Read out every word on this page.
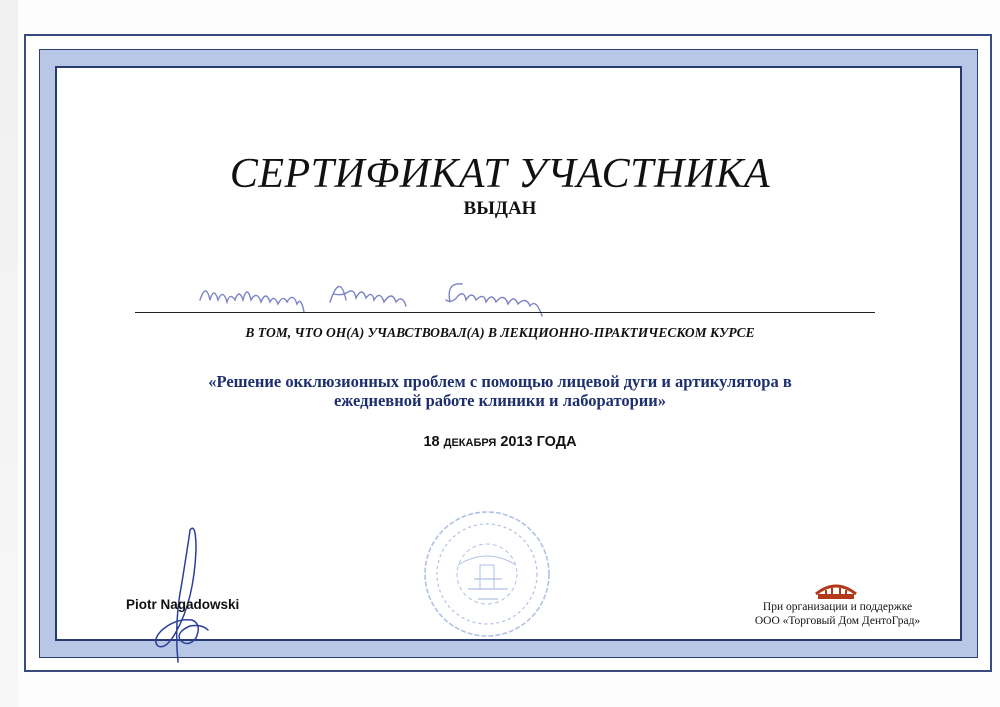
СЕРТИФИКАТ УЧАСТНИКА
ВЫДАН
В ТОМ, ЧТО ОН(А) УЧАВСТВОВАЛ(А) В ЛЕКЦИОННО-ПРАКТИЧЕСКОМ КУРСЕ
«Решение окклюзионных проблем с помощью лицевой дуги и артикулятора в
ежедневной работе клиники и лаборатории»
18 ДЕКАБРЯ 2013 ГОДА
Piotr Nagadowski	При организации и поддержке
ООО «Торговый Дом ДентоГрад»
